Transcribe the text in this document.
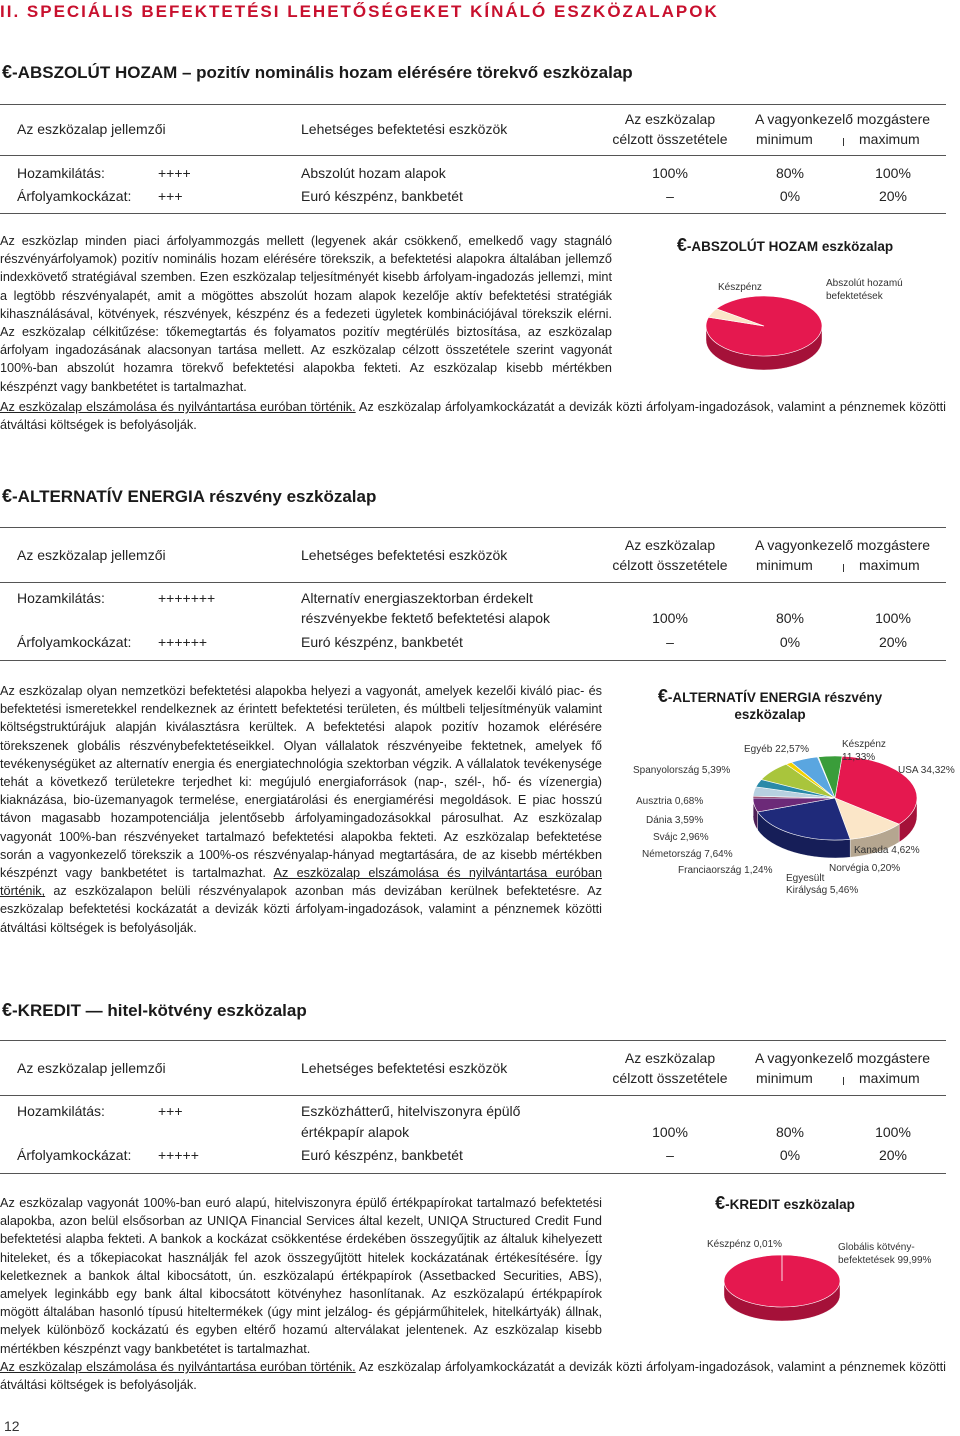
II. SPECIÁLIS BEFEKTETÉSI LEHETŐSÉGEKET KÍNÁLÓ ESZKÖZALAPOK
€-ABSZOLÚT HOZAM – pozitív nominális hozam elérésére törekvő eszközalap
Az eszközalap jellemzői	Lehetséges befektetési eszközök
Az eszközalap
célzott összetétele
A vagyonkezelő mozgástere
minimum	maximum
Hozamkilátás:	++++	Abszolút hozam alapok	100%	80%	100%
Árfolyamkockázat: +++	Euró készpénz, bankbetét	–	0%	20%
€-ABSZOLÚT HOZAM eszközalap
Készpénz	Abszolút hozamú
befektetések
Az eszközlap minden piaci árfolyammozgás mellett (legyenek akár csökkenő, emelkedő vagy stagnáló részvényárfolyamok) pozitív nominális hozam elérésére törekszik, a befektetési alapokra általában jellemző indexkövető stratégiával szemben. Ezen eszközalap teljesítményét kisebb árfolyam-ingadozás jellemzi, mint a legtöbb részvényalapét, amit a mögöttes abszolút hozam alapok kezelője aktív befektetési stratégiák kihasználásával, kötvények, részvények, készpénz és a fedezeti ügyletek kombinációjával törekszik elérni. Az eszközalap célkitűzése: tőkemegtartás és folyamatos pozitív megtérülés biztosítása, az eszközalap árfolyam ingadozásának alacsonyan tartása mellett. Az eszközalap célzott összetétele szerint vagyonát 100%-ban abszolút hozamra törekvő befektetési alapokba fekteti. Az eszközalap kisebb mértékben készpénzt vagy bankbetétet is tartalmazhat.
Az eszközalap elszámolása és nyilvántartása euróban történik. Az eszközalap árfolyamkockázatát a devizák közti árfolyam-ingadozások, valamint a pénznemek közötti átváltási költségek is befolyásolják.
€-ALTERNATÍV ENERGIA részvény eszközalap
Az eszközalap jellemzői	Lehetséges befektetési eszközök
Az eszközalap
célzott összetétele
A vagyonkezelő mozgástere
minimum	maximum
Hozamkilátás:	+++++++	Alternatív energiaszektorban érdekelt
részvényekbe fektető befektetési alapok	100%	80%	100%
Árfolyamkockázat: ++++++	Euró készpénz, bankbetét	–	0%	20%
Az eszközalap olyan nemzetközi befektetési alapokba helyezi a vagyonát, amelyek kezelői kiváló piac- és befektetési ismeretekkel rendelkeznek az érintett befektetési területen, és múltbeli teljesítményük valamint költségstruktúrájuk alapján kiválasztásra kerültek. A befektetési alapok pozitív hozamok elérésére törekszenek globális részvénybefektetéseikkel. Olyan vállalatok részvényeibe fektetnek, amelyek fő tevékenységüket az alternatív energia és energiatechnológia szektorban végzik. A vállalatok tevékenysége tehát a következő területekre terjedhet ki: megújuló energiaforrások (nap-, szél-, hő- és vízenergia) kiaknázása, bio-üzemanyagok termelése, energiatárolási és energiamérési megoldások. E piac hosszú távon magasabb hozampotenciálja jelentősebb árfolyamingadozásokkal párosulhat. Az eszközalap vagyonát 100%-ban részvényeket tartalmazó befektetési alapokba fekteti. Az eszközalap befektetése során a vagyonkezelő törekszik a 100%-os részvényalap-hányad megtartására, de az kisebb mértékben készpénzt vagy bankbetétet is tartalmazhat. Az eszközalap elszámolása és nyilvántartása euróban történik, az eszközalapon belüli részvényalapok azonban más devizában kerülnek befektetésre. Az eszközalap befektetési kockázatát a devizák közti árfolyam-ingadozások, valamint a pénznemek közötti átváltási költségek is befolyásolják.
€-ALTERNATÍV ENERGIA részvény
eszközalap
Egyéb 22,57%	Készpénz
11,33%
USA 34,32%
Spanyolország 5,39%
Ausztria 0,68%
Dánia 3,59%
Svájc 2,96%
Németország 7,64%
Franciaország 1,24%
Egyesült
Királyság 5,46%
Norvégia 0,20%
Kanada 4,62%
€-KREDIT — hitel-kötvény eszközalap
Az eszközalap jellemzői	Lehetséges befektetési eszközök
Az eszközalap
célzott összetétele
A vagyonkezelő mozgástere
minimum	maximum
Hozamkilátás:	+++	Eszközhátterű, hitelviszonyra épülő
értékpapír alapok	100%	80%	100%
Árfolyamkockázat: +++++	Euró készpénz, bankbetét	–	0%	20%
€-KREDIT eszközalap
Készpénz 0,01%	Globális kötvény-
befektetések 99,99%
Az eszközalap vagyonát 100%-ban euró alapú, hitelviszonyra épülő értékpapírokat tartalmazó befektetési alapokba, azon belül elsősorban az UNIQA Financial Services által kezelt, UNIQA Structured Credit Fund befektetési alapba fekteti. A bankok a kockázat csökkentése érdekében összegyűjtik az általuk kihelyezett hiteleket, és a tőkepiacokat használják fel azok összegyűjtött hitelek kockázatának értékesítésére. Így keletkeznek a bankok által kibocsátott, ún. eszközalapú értékpapírok (Assetbacked Securities, ABS), amelyek leginkább egy bank által kibocsátott kötvényhez hasonlítanak. Az eszközalapú értékpapírok mögött általában hasonló típusú hiteltermékek (úgy mint jelzálog- és gépjárműhitelek, hitelkártyák) állnak, melyek különböző kockázatú és egyben eltérő hozamú alterválakat jelentenek. Az eszközalap kisebb mértékben készpénzt vagy bankbetétet is tartalmazhat.
Az eszközalap elszámolása és nyilvántartása euróban történik. Az eszközalap árfolyamkockázatát a devizák közti árfolyam-ingadozások, valamint a pénznemek közötti átváltási költségek is befolyásolják.
12
